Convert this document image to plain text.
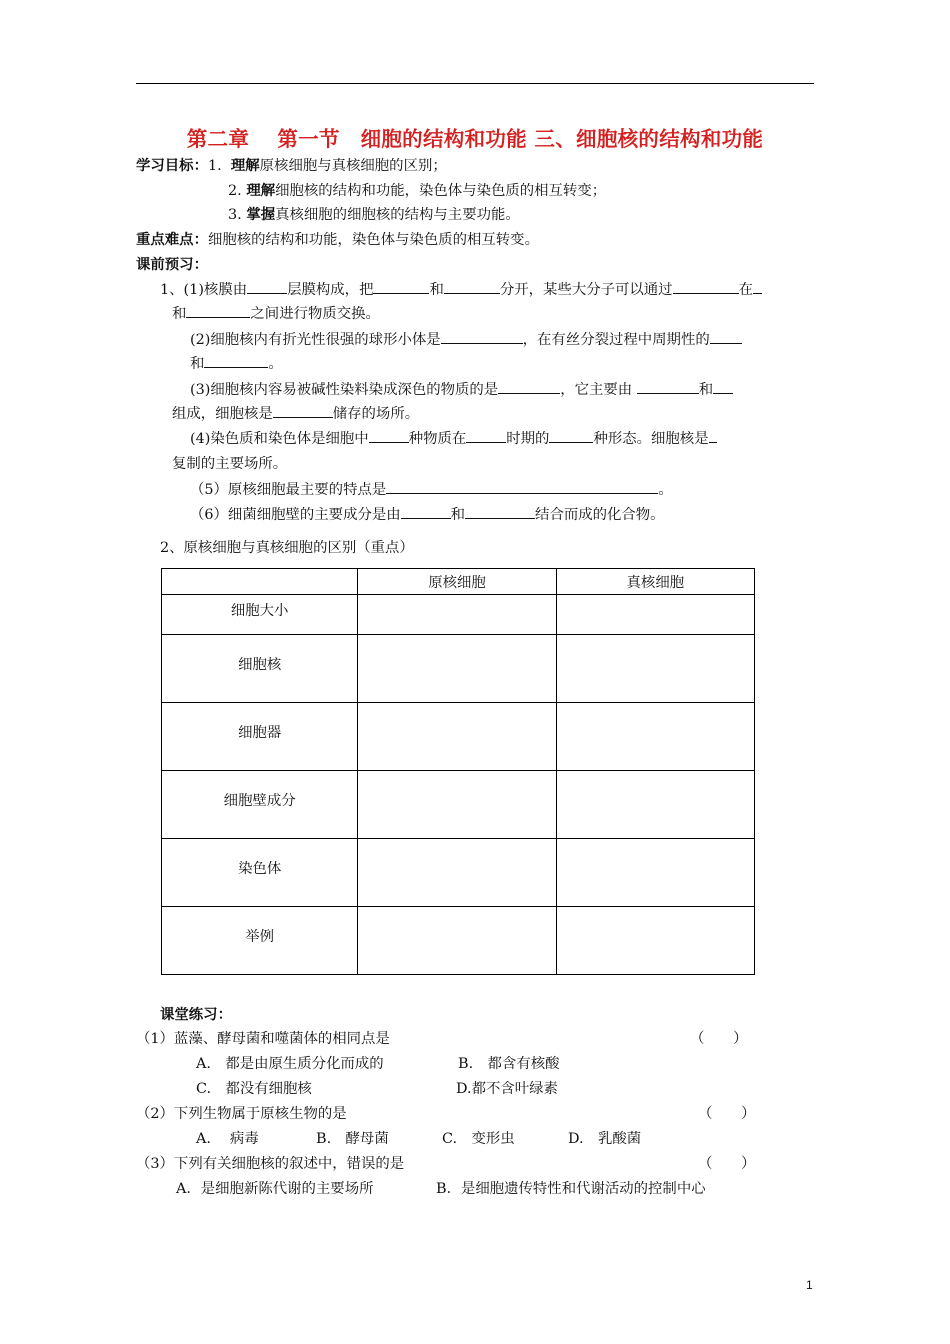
第二章　 第一节　细胞的结构和功能 三、细胞核的结构和功能
学习目标：1. 理解原核细胞与真核细胞的区别；
2. 理解细胞核的结构和功能，染色体与染色质的相互转变；
3. 掌握真核细胞的细胞核的结构与主要功能。
重点难点：细胞核的结构和功能，染色体与染色质的相互转变。
课前预习：
1、(1)核膜由	层膜构成，把	和	分开，某些大分子可以通过	在
和	之间进行物质交换。
(2)细胞核内有折光性很强的球形小体是	，在有丝分裂过程中周期性的
和	。
(3)细胞核内容易被碱性染料染成深色的物质的是	，它主要由	和
组成，细胞核是	储存的场所。
(4)染色质和染色体是细胞中	种物质在	时期的	种形态。细胞核是
复制的主要场所。
（5）原核细胞最主要的特点是	。
（6）细菌细胞壁的主要成分是由	和	结合而成的化合物。
2、原核细胞与真核细胞的区别（重点）
	原核细胞	真核细胞
细胞大小		
细胞核		
细胞器		
细胞壁成分		
染色体		
举例		
课堂练习：
（1）蓝藻、酵母菌和噬菌体的相同点是	（　　）
A.　都是由原生质分化而成的	B.　都含有核酸
C.　都没有细胞核	D.都不含叶绿素
（2）下列生物属于原核生物的是	（　　）
A.　 病毒	B.　酵母菌	C.　变形虫	D.　乳酸菌
（3）下列有关细胞核的叙述中，错误的是	（　　）
A．是细胞新陈代谢的主要场所	B．是细胞遗传特性和代谢活动的控制中心
1
